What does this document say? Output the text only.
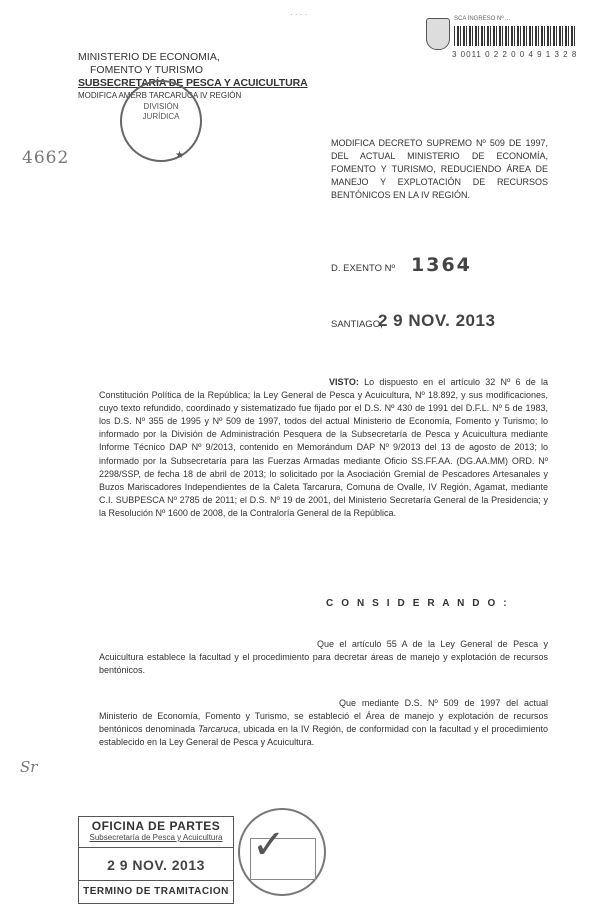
MINISTERIO DE ECONOMIA,
FOMENTO Y TURISMO
SUBSECRETARÍA DE PESCA Y ACUICULTURA
MODIFICA AMERB TARCARUCA IV REGIÓN
DIVISIÓN JURÍDICA
★
4662
· · · ·	SCA INGRESO Nº ...
3 0011 0 2 2 0 0 4 9 1 3 2 8
MODIFICA DECRETO SUPREMO Nº 509 DE 1997, DEL ACTUAL MINISTERIO DE ECONOMÍA, FOMENTO Y TURISMO, REDUCIENDO ÁREA DE MANEJO Y EXPLOTACIÓN DE RECURSOS BENTÓNICOS EN LA IV REGIÓN.
D. EXENTO Nº 1364
SANTIAGO,
2 9 NOV. 2013
VISTO: Lo dispuesto en el artículo 32 Nº 6 de la Constitución Política de la República; la Ley General de Pesca y Acuicultura, Nº 18.892, y sus modificaciones, cuyo texto refundido, coordinado y sistematizado fue fijado por el D.S. Nº 430 de 1991 del D.F.L. Nº 5 de 1983, los D.S. Nº 355 de 1995 y Nº 509 de 1997, todos del actual Ministerio de Economía, Fomento y Turismo; lo informado por la División de Administración Pesquera de la Subsecretaría de Pesca y Acuicultura mediante Informe Técnico DAP Nº 9/2013, contenido en Memorándum DAP Nº 9/2013 del 13 de agosto de 2013; lo informado por la Subsecretaría para las Fuerzas Armadas mediante Oficio SS.FF.AA. (DG.AA.MM) ORD. Nº 2298/SSP, de fecha 18 de abril de 2013; lo solicitado por la Asociación Gremial de Pescadores Artesanales y Buzos Mariscadores Independientes de la Caleta Tarcarura, Comuna de Ovalle, IV Región, Agamat, mediante C.I. SUBPESCA Nº 2785 de 2011; el D.S. Nº 19 de 2001, del Ministerio Secretaría General de la Presidencia; y la Resolución Nº 1600 de 2008, de la Contraloría General de la República.
C O N S I D E R A N D O :
Que el artículo 55 A de la Ley General de Pesca y Acuicultura establece la facultad y el procedimiento para decretar áreas de manejo y explotación de recursos bentónicos.
Que mediante D.S. Nº 509 de 1997 del actual Ministerio de Economía, Fomento y Turismo, se estableció el Área de manejo y explotación de recursos bentónicos denominada Tarcaruca, ubicada en la IV Región, de conformidad con la facultad y el procedimiento establecido en la Ley General de Pesca y Acuicultura.
Sr
OFICINA DE PARTES
Subsecretaría de Pesca y Acuicultura
2 9 NOV. 2013
TERMINO DE TRAMITACION
✓
